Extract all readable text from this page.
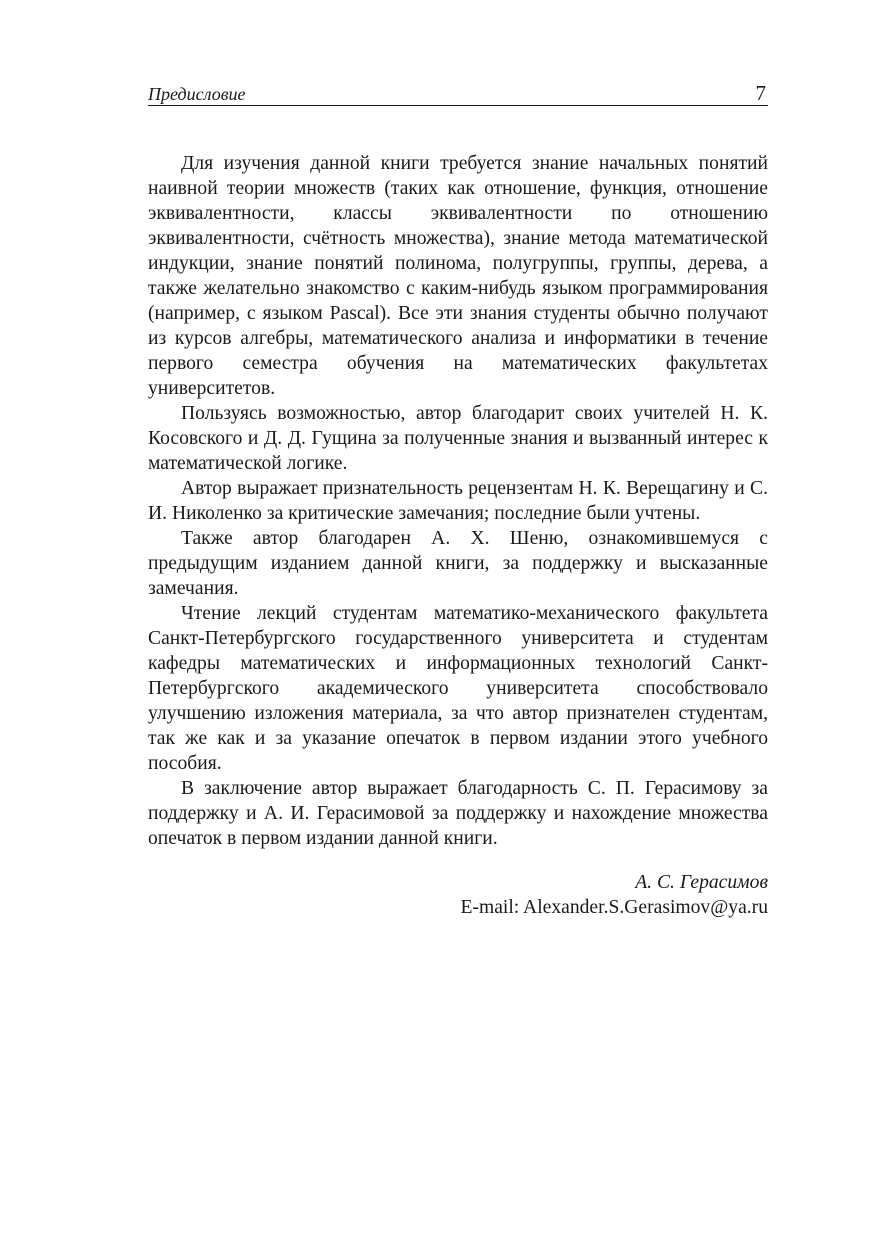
Предисловие	7

Для изучения данной книги требуется знание начальных понятий наивной теории множеств (таких как отношение, функция, отношение эквивалентности, классы эквивалентности по отношению эквивалентности, счётность множества), знание метода математической индукции, знание понятий полинома, полугруппы, группы, дерева, а также желательно знакомство с каким-нибудь языком программирования (например, с языком Pascal). Все эти знания студенты обычно получают из курсов алгебры, математического анализа и информатики в течение первого семестра обучения на математических факультетах университетов.

Пользуясь возможностью, автор благодарит своих учителей Н. К. Косовского и Д. Д. Гущина за полученные знания и вызванный интерес к математической логике.

Автор выражает признательность рецензентам Н. К. Верещагину и С. И. Николенко за критические замечания; последние были учтены.

Также автор благодарен А. Х. Шеню, ознакомившемуся с предыдущим изданием данной книги, за поддержку и высказанные замечания.

Чтение лекций студентам математико-механического факультета Санкт-Петербургского государственного университета и студентам кафедры математических и информационных технологий Санкт-Петербургского академического университета способствовало улучшению изложения материала, за что автор признателен студентам, так же как и за указание опечаток в первом издании этого учебного пособия.

В заключение автор выражает благодарность С. П. Герасимову за поддержку и А. И. Герасимовой за поддержку и нахождение множества опечаток в первом издании данной книги.

А. С. Герасимов
E-mail: Alexander.S.Gerasimov@ya.ru
